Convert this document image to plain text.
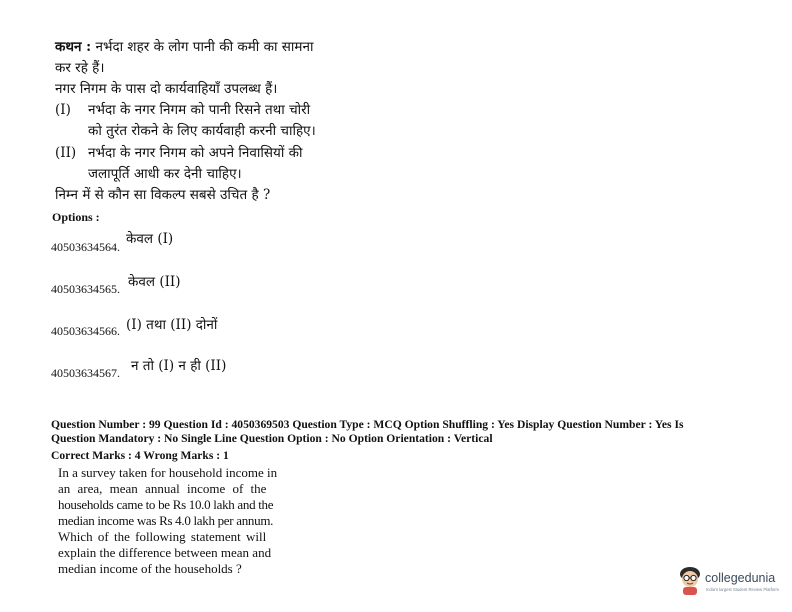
कथन : नर्भदा शहर के लोग पानी की कमी का सामना
कर रहे हैं।
नगर निगम के पास दो कार्यवाहियाँ उपलब्ध हैं।
(I) नर्भदा के नगर निगम को पानी रिसने तथा चोरी
को तुरंत रोकने के लिए कार्यवाही करनी चाहिए।
(II) नर्भदा के नगर निगम को अपने निवासियों की
जलापूर्ति आधी कर देनी चाहिए।
निम्न में से कौन सा विकल्प सबसे उचित है ?
Options :
40503634564. केवल (I)
40503634565. केवल (II)
40503634566. (I) तथा (II) दोनों
40503634567. न तो (I) न ही (II)
Question Number : 99 Question Id : 4050369503 Question Type : MCQ Option Shuffling : Yes Display Question Number : Yes Is
Question Mandatory : No Single Line Question Option : No Option Orientation : Vertical
Correct Marks : 4 Wrong Marks : 1
In a survey taken for household income in
an area, mean annual income of the
households came to be Rs 10.0 lakh and the
median income was Rs 4.0 lakh per annum.
Which of the following statement will
explain the difference between mean and
median income of the households ?
collegedunia
India's largest Student Review Platform
